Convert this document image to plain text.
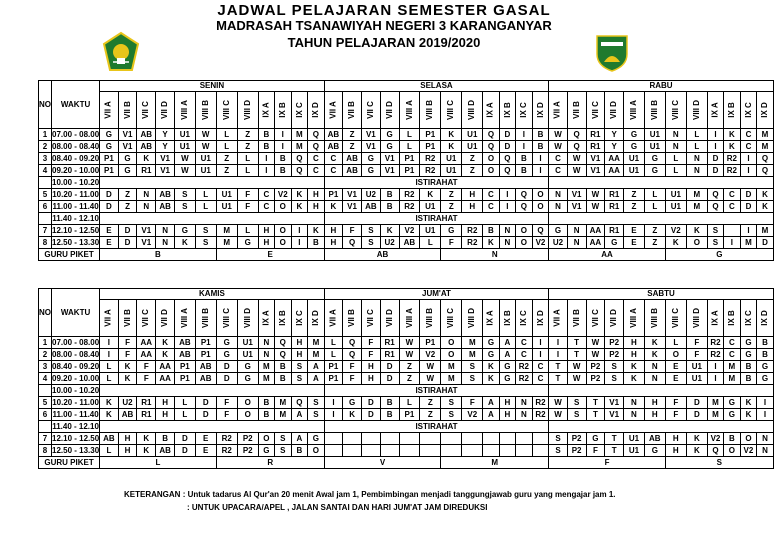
JADWAL PELAJARAN SEMESTER GASAL
MADRASAH TSANAWIYAH NEGERI 3 KARANGANYAR
TAHUN PELAJARAN 2019/2020
NO	WAKTU	SENIN												SELASA												RABU											
		VII A	VII B	VII C	VII D	VIII A	VIII B	VIII C	VIII D	IX A	IX B	IX C	IX D	VII A	VII B	VII C	VII D	VIII A	VIII B	VIII C	VIII D	IX A	IX B	IX C	IX D	VII A	VII B	VII C	VII D	VIII A	VIII B	VIII C	VIII D	IX A	IX B	IX C	IX D
1	07.00 - 08.00	G	V1	AB	Y	U1	W	L	Z	B	I	M	Q	AB	Z	V1	G	L	P1	K	U1	Q	D	I	B	W	Q	R1	Y	G	U1	N	L	I	K	C	M
2	08.00 - 08.40	G	V1	AB	Y	U1	W	L	Z	B	I	M	Q	AB	Z	V1	G	L	P1	K	U1	Q	D	I	B	W	Q	R1	Y	G	U1	N	L	I	K	C	M
3	08.40 - 09.20	P1	G	K	V1	W	U1	Z	L	I	B	Q	C	C	AB	G	V1	P1	R2	U1	Z	O	Q	B	I	C	W	V1	AA	U1	G	L	N	D	R2	I	Q
4	09.20 - 10.00	P1	G	R1	V1	W	U1	Z	L	I	B	Q	C	C	AB	G	V1	P1	R2	U1	Z	O	Q	B	I	C	W	V1	AA	U1	G	L	N	D	R2	I	Q
	10.00 - 10.20													ISTIRAHAT																							
5	10.20 - 11.00	D	Z	N	AB	S	L	U1	F	C	V2	K	H	P1	V1	U2	B	R2	K	Z	H	C	I	Q	O	N	V1	W	R1	Z	L	U1	M	Q	C	D	K
6	11.00 - 11.40	D	Z	N	AB	S	L	U1	F	C	O	K	H	K	V1	AB	B	R2	U1	Z	H	C	I	Q	O	N	V1	W	R1	Z	L	U1	M	Q	C	D	K
	11.40 - 12.10													ISTIRAHAT																							
7	12.10 - 12.50	E	D	V1	N	G	S	M	L	H	O	I	K	H	F	S	K	V2	U1	G	R2	B	N	O	Q	G	N	AA	R1	E	Z	V2	K	S		I	M
8	12.50 - 13.30	E	D	V1	N	K	S	M	G	H	O	I	B	H	Q	S	U2	AB	L	F	R2	K	N	O	V2	U2	N	AA	G	E	Z	K	O	S	I	M	D
GURU PIKET		B						E						AB						N						AA						G					
NO	WAKTU	KAMIS												JUM'AT												SABTU											
		VII A	VII B	VII C	VII D	VIII A	VIII B	VIII C	VIII D	IX A	IX B	IX C	IX D	VII A	VII B	VII C	VII D	VIII A	VIII B	VIII C	VIII D	IX A	IX B	IX C	IX D	VII A	VII B	VII C	VII D	VIII A	VIII B	VIII C	VIII D	IX A	IX B	IX C	IX D
1	07.00 - 08.00	I	F	AA	K	AB	P1	G	U1	N	Q	H	M	L	Q	F	R1	W	P1	O	M	G	A	C	I	I	T	W	P2	H	K	L	F	R2	C	G	B
2	08.00 - 08.40	I	F	AA	K	AB	P1	G	U1	N	Q	H	M	L	Q	F	R1	W	V2	O	M	G	A	C	I	I	T	W	P2	H	K	O	F	R2	C	G	B
3	08.40 - 09.20	L	K	F	AA	P1	AB	D	G	M	B	S	A	P1	F	H	D	Z	W	M	S	K	G	R2	C	T	W	P2	S	K	N	E	U1	I	M	B	G
4	09.20 - 10.00	L	K	F	AA	P1	AB	D	G	M	B	S	A	P1	F	H	D	Z	W	M	S	K	G	R2	C	T	W	P2	S	K	N	E	U1	I	M	B	G
	10.00 - 10.20													ISTIRAHAT																							
5	10.20 - 11.00	K	U2	R1	H	L	D	F	O	B	M	Q	S	I	G	D	B	L	Z	S	F	A	H	N	R2	W	S	T	V1	N	H	F	D	M	G	K	I
6	11.00 - 11.40	K	AB	R1	H	L	D	F	O	B	M	A	S	I	K	D	B	P1	Z	S	V2	A	H	N	R2	W	S	T	V1	N	H	F	D	M	G	K	I
	11.40 - 12.10													ISTIRAHAT																							
7	12.10 - 12.50	AB	H	K	B	D	E	R2	P2	O	S	A	G													S	P2	G	T	U1	AB	H	K	V2	B	O	N
8	12.50 - 13.30	L	H	K	AB	D	E	R2	P2	G	S	B	O													S	P2	F	T	U1	G	H	K	Q	O	V2	N
GURU PIKET		L						R						V						M						F						S					
KETERANGAN : Untuk tadarus Al Qur'an 20 menit Awal jam 1, Pembimbingan menjadi tanggungjawab guru yang mengajar jam 1.
: UNTUK UPACARA/APEL , JALAN SANTAI DAN HARI JUM'AT JAM DIREDUKSI
